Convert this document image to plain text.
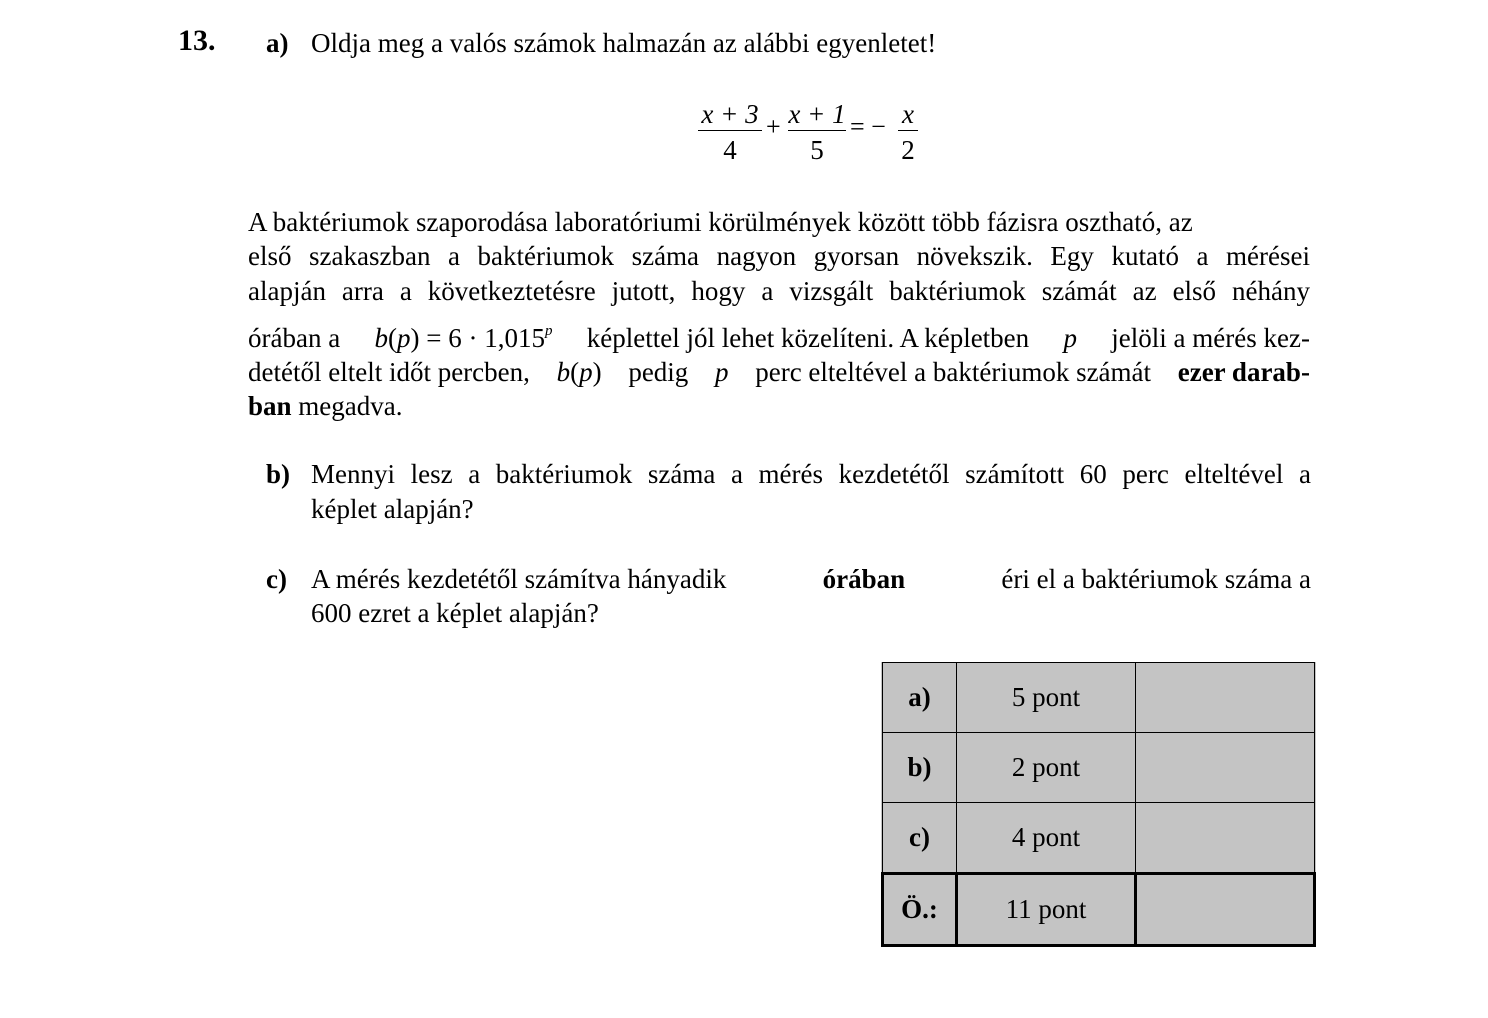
13. a) Oldja meg a valós számok halmazán az alábbi egyenletet!
x + 3
4
+ x + 1
5
= − x
2
A baktériumok szaporodása laboratóriumi körülmények között több fázisra osztható, az
első szakaszban a baktériumok száma nagyon gyorsan növekszik. Egy kutató a mérései
alapján arra a következtetésre jutott, hogy a vizsgált baktériumok számát az első néhány
órában a $b(p) = 6 \cdot 1,015^p$ képlettel jól lehet közelíteni. A képletben p jelöli a mérés kez-
detétől eltelt időt percben, b(p) pedig p perc elteltével a baktériumok számát ezer darab-
ban megadva.
b) Mennyi lesz a baktériumok száma a mérés kezdetétől számított 60 perc elteltével a
képlet alapján?
c) A mérés kezdetétől számítva hányadik	órában	éri el a baktériumok száma a
600 ezret a képlet alapján?
a)	5 pont	
b)	2 pont	
c)	4 pont	
Ö.:	11 pont	
